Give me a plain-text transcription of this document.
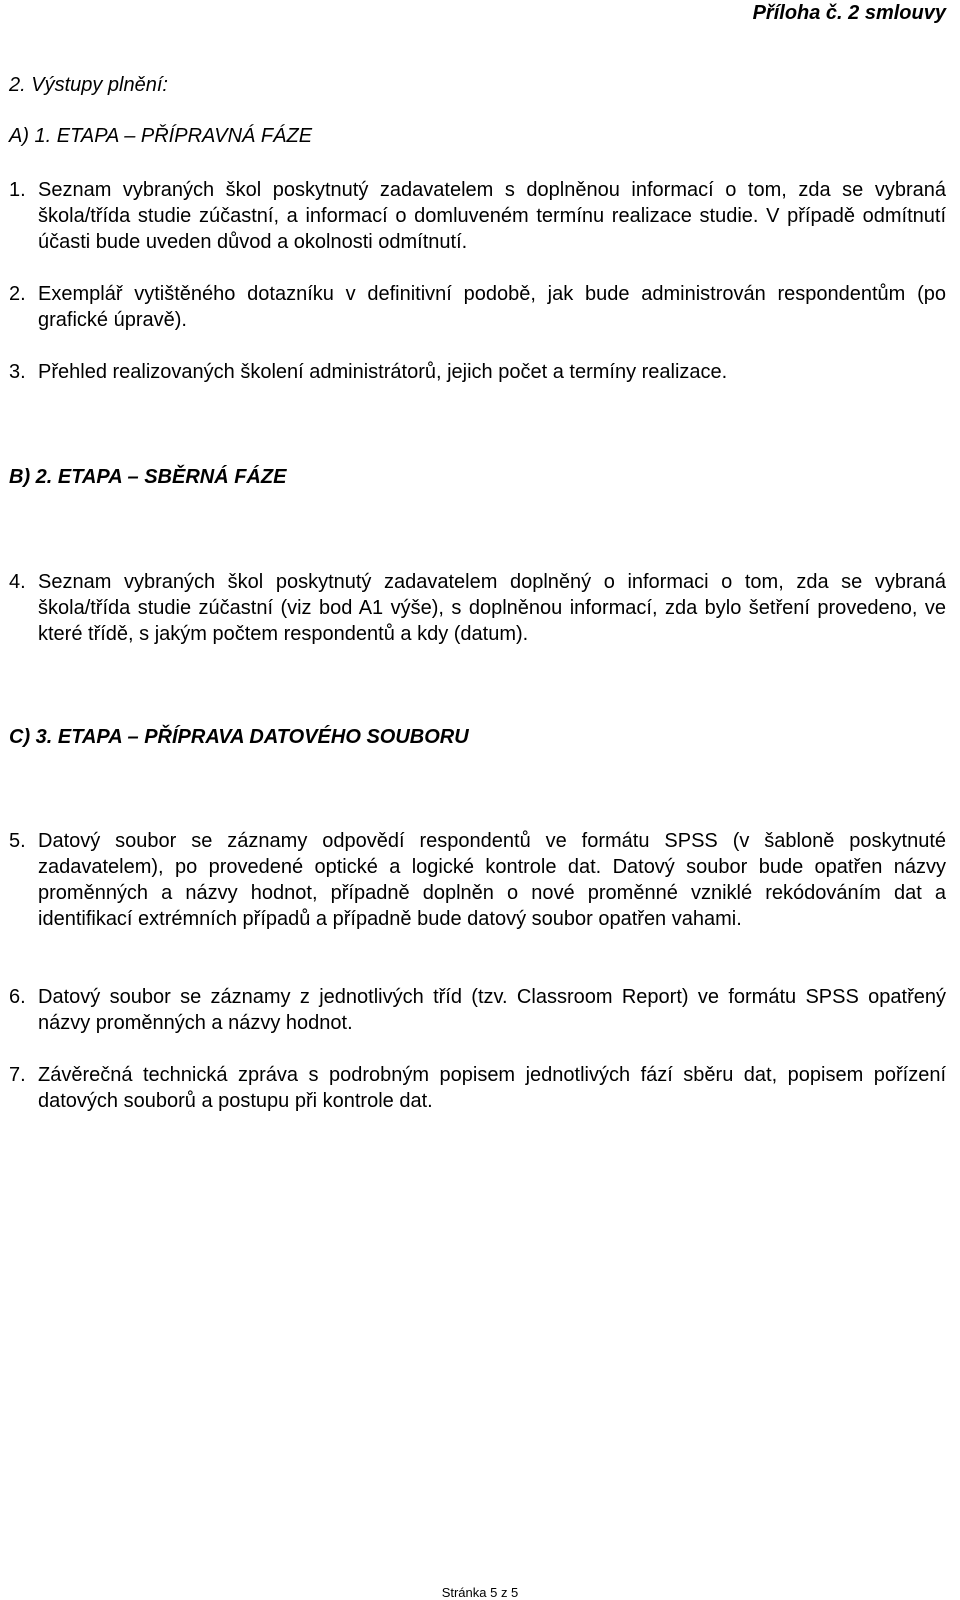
Příloha č. 2 smlouvy
2. Výstupy plnění:
A) 1. ETAPA – PŘÍPRAVNÁ FÁZE
1. Seznam vybraných škol poskytnutý zadavatelem s doplněnou informací o tom, zda se vybraná škola/třída studie zúčastní, a informací o domluveném termínu realizace studie. V případě odmítnutí účasti bude uveden důvod a okolnosti odmítnutí.
2. Exemplář vytištěného dotazníku v definitivní podobě, jak bude administrován respondentům (po grafické úpravě).
3. Přehled realizovaných školení administrátorů, jejich počet a termíny realizace.
B) 2. ETAPA – SBĚRNÁ FÁZE
4. Seznam vybraných škol poskytnutý zadavatelem doplněný o informaci o tom, zda se vybraná škola/třída studie zúčastní (viz bod A1 výše), s doplněnou informací, zda bylo šetření provedeno, ve které třídě, s jakým počtem respondentů a kdy (datum).
C) 3. ETAPA – PŘÍPRAVA DATOVÉHO SOUBORU
5. Datový soubor se záznamy odpovědí respondentů ve formátu SPSS (v šabloně poskytnuté zadavatelem), po provedené optické a logické kontrole dat. Datový soubor bude opatřen názvy proměnných a názvy hodnot, případně doplněn o nové proměnné vzniklé rekódováním dat a identifikací extrémních případů a případně bude datový soubor opatřen vahami.
6. Datový soubor se záznamy z jednotlivých tříd (tzv. Classroom Report) ve formátu SPSS opatřený názvy proměnných a názvy hodnot.
7. Závěrečná technická zpráva s podrobným popisem jednotlivých fází sběru dat, popisem pořízení datových souborů a postupu při kontrole dat.
Stránka 5 z 5
